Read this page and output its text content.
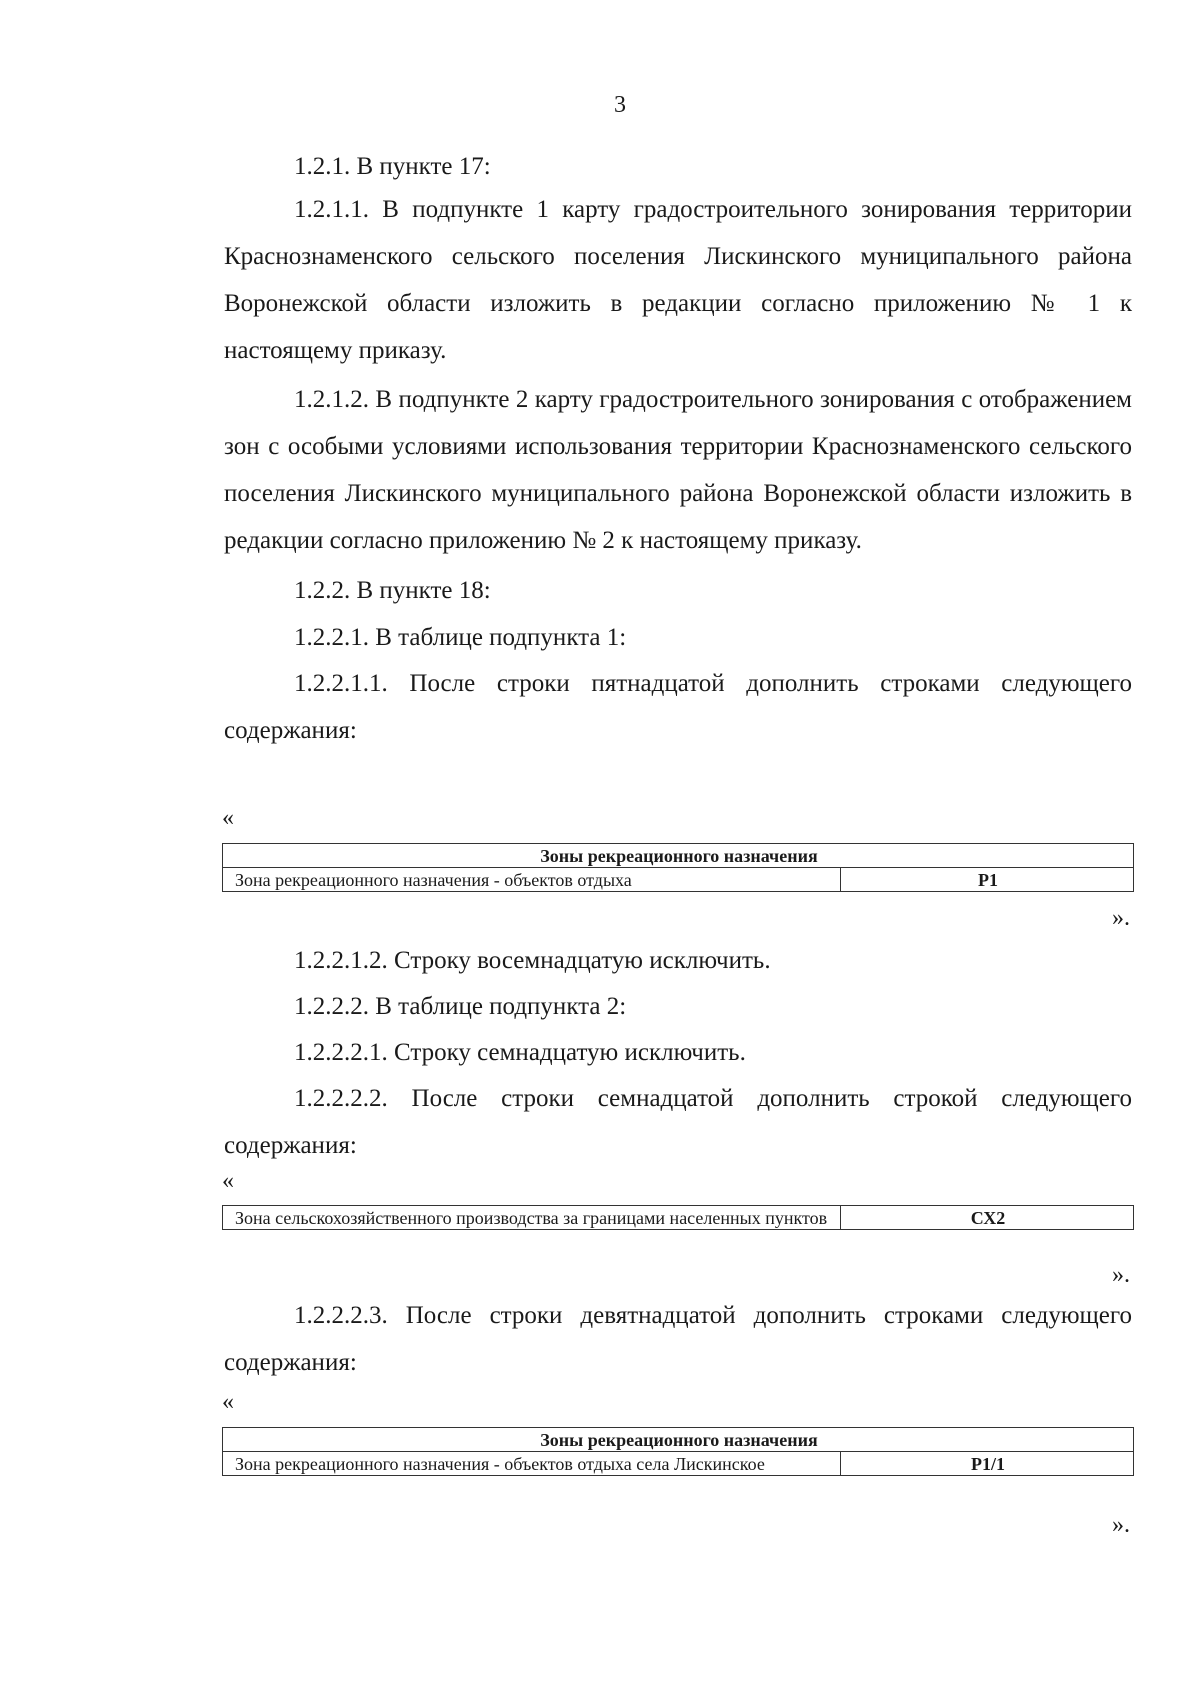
3

1.2.1. В пункте 17:

1.2.1.1. В подпункте 1 карту градостроительного зонирования территории Краснознаменского сельского поселения Лискинского муниципального района Воронежской области изложить в редакции согласно приложению № 1 к настоящему приказу.

1.2.1.2. В подпункте 2 карту градостроительного зонирования с отображением зон с особыми условиями использования территории Краснознаменского сельского поселения Лискинского муниципального района Воронежской области изложить в редакции согласно приложению № 2 к настоящему приказу.

1.2.2. В пункте 18:

1.2.2.1. В таблице подпункта 1:

1.2.2.1.1. После строки пятнадцатой дополнить строками следующего содержания:

«
Зоны рекреационного назначения
Зона рекреационного назначения - объектов отдыха	Р1
».

1.2.2.1.2. Строку восемнадцатую исключить.

1.2.2.2. В таблице подпункта 2:

1.2.2.2.1. Строку семнадцатую исключить.

1.2.2.2.2. После строки семнадцатой дополнить строкой следующего содержания:

«
Зона сельскохозяйственного производства за границами населенных пунктов	СХ2
».

1.2.2.2.3. После строки девятнадцатой дополнить строками следующего содержания:

«
Зоны рекреационного назначения
Зона рекреационного назначения - объектов отдыха села Лискинское	Р1/1
».
